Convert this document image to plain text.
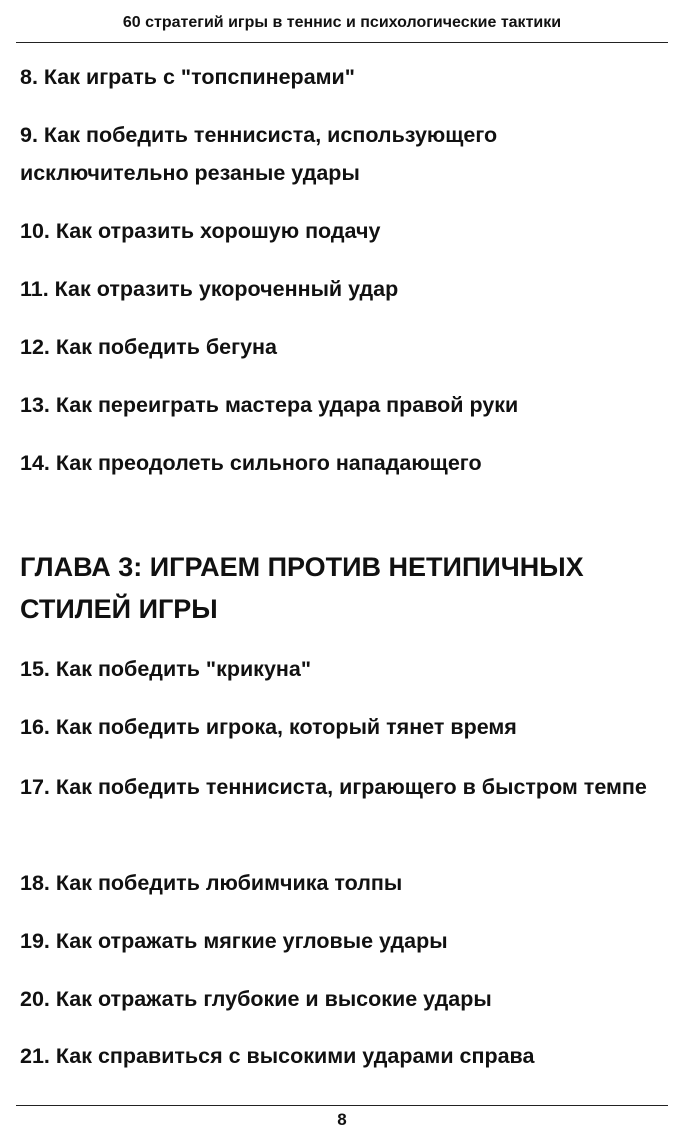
60 стратегий игры в теннис и психологические тактики
8. Как играть с "топспинерами"
9. Как победить теннисиста, использующего исключительно резаные удары
10. Как отразить хорошую подачу
11. Как отразить укороченный удар
12. Как победить бегуна
13. Как переиграть мастера удара правой руки
14. Как преодолеть сильного нападающего
ГЛАВА 3: ИГРАЕМ ПРОТИВ НЕТИПИЧНЫХ СТИЛЕЙ ИГРЫ
15. Как победить "крикуна"
16. Как победить игрока, который тянет время
17. Как победить теннисиста, играющего в быстром темпе
18. Как победить любимчика толпы
19. Как отражать мягкие угловые удары
20. Как отражать глубокие и высокие удары
21. Как справиться с высокими ударами справа
8
